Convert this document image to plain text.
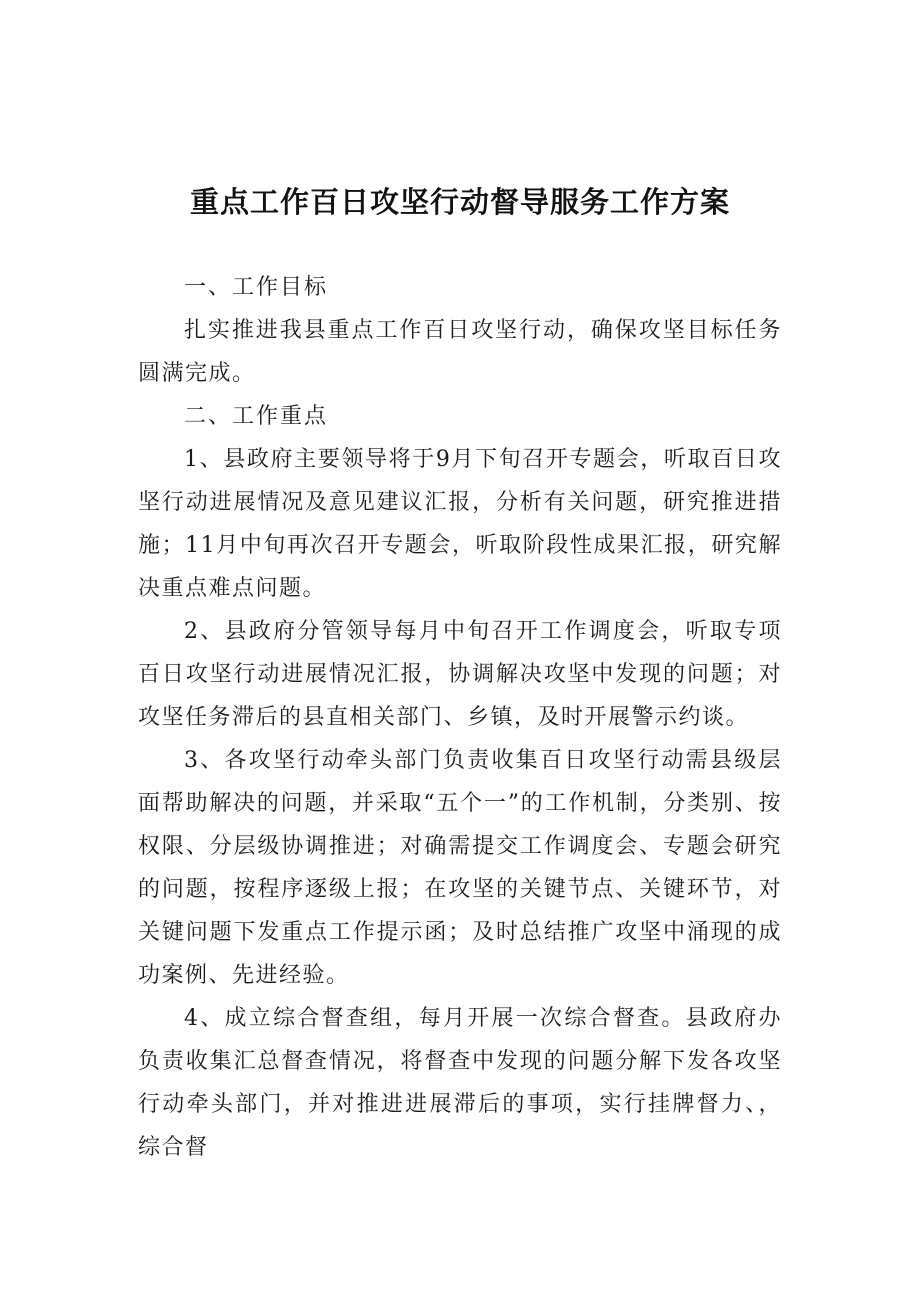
重点工作百日攻坚行动督导服务工作方案

一、工作目标

扎实推进我县重点工作百日攻坚行动，确保攻坚目标任务圆满完成。

二、工作重点

1、县政府主要领导将于9月下旬召开专题会，听取百日攻坚行动进展情况及意见建议汇报，分析有关问题，研究推进措施；11月中旬再次召开专题会，听取阶段性成果汇报，研究解决重点难点问题。

2、县政府分管领导每月中旬召开工作调度会，听取专项百日攻坚行动进展情况汇报，协调解决攻坚中发现的问题；对攻坚任务滞后的县直相关部门、乡镇，及时开展警示约谈。

3、各攻坚行动牵头部门负责收集百日攻坚行动需县级层面帮助解决的问题，并采取“五个一”的工作机制，分类别、按权限、分层级协调推进；对确需提交工作调度会、专题会研究的问题，按程序逐级上报；在攻坚的关键节点、关键环节，对关键问题下发重点工作提示函；及时总结推广攻坚中涌现的成功案例、先进经验。

4、成立综合督查组，每月开展一次综合督查。县政府办负责收集汇总督查情况，将督查中发现的问题分解下发各攻坚行动牵头部门，并对推进进展滞后的事项，实行挂牌督力、，综合督
